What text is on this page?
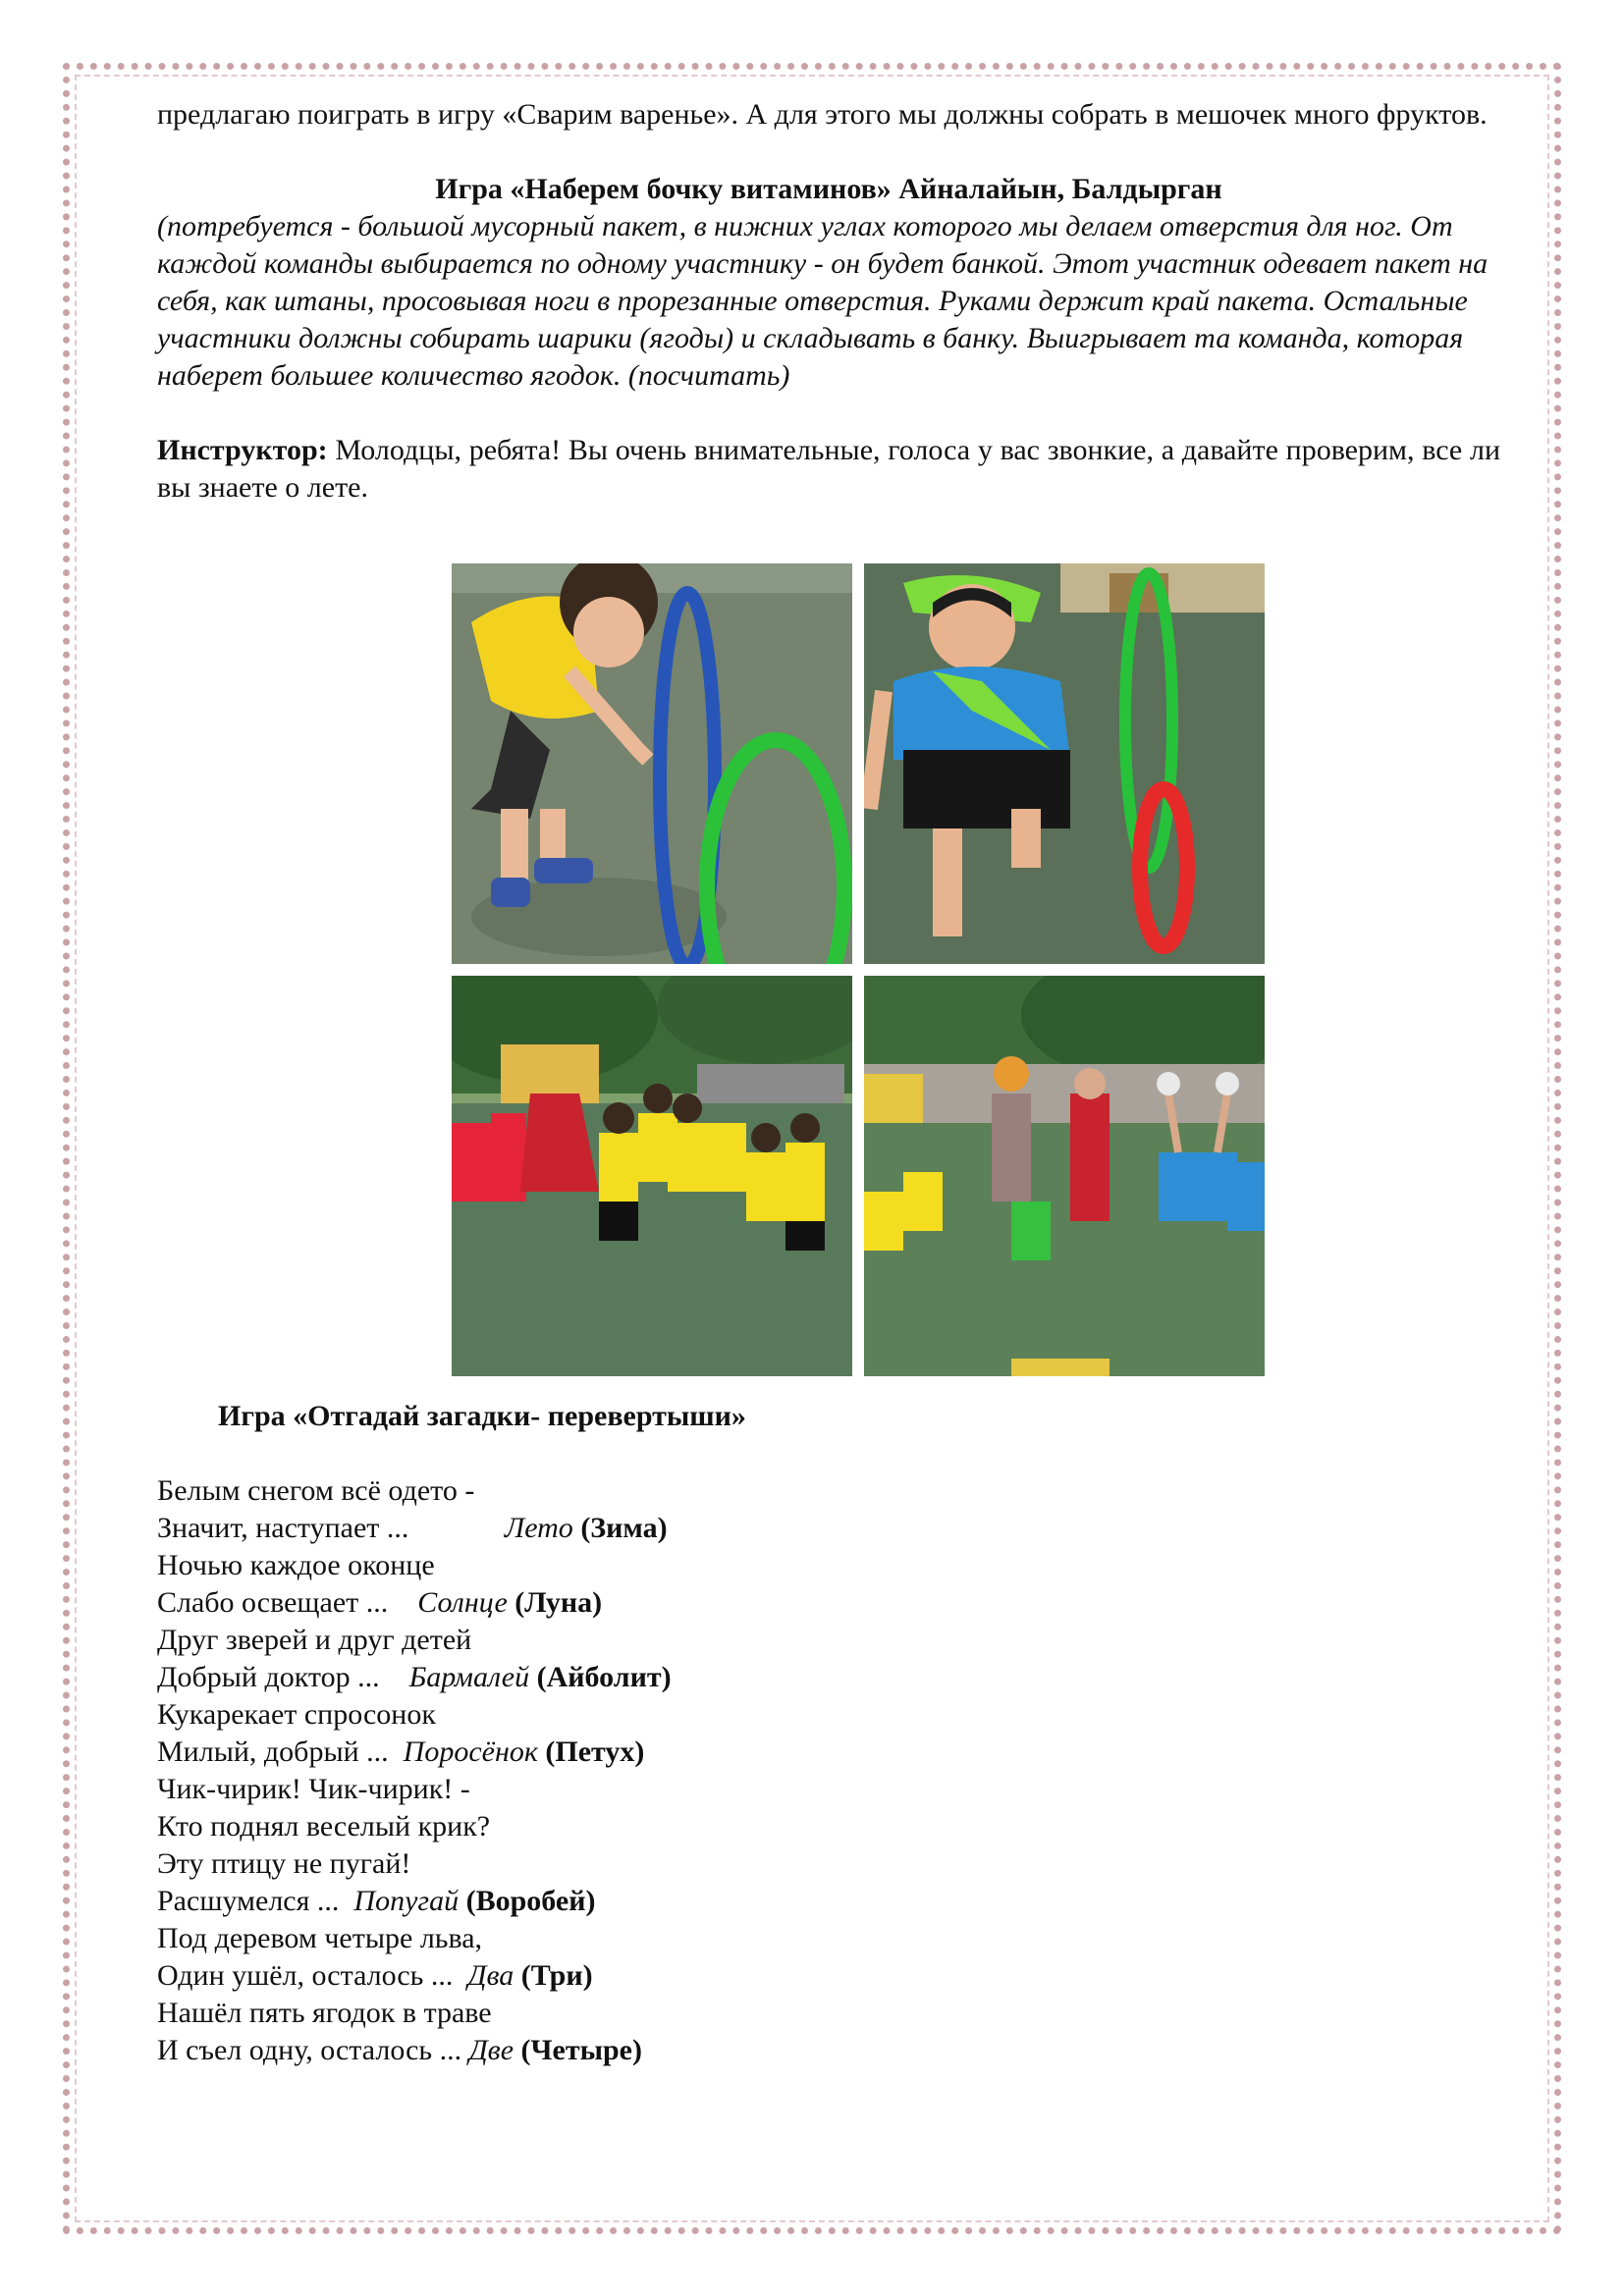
предлагаю поиграть в игру «Сварим варенье». А для этого мы должны собрать в мешочек много фруктов.

Игра «Наберем бочку витаминов» Айналайын, Балдырган

(потребуется - большой мусорный пакет, в нижних углах которого мы делаем отверстия для ног. От каждой команды выбирается по одному участнику - он будет банкой. Этот участник одевает пакет на себя, как штаны, просовывая ноги в прорезанные отверстия. Руками держит край пакета. Остальные участники должны собирать шарики (ягоды) и складывать в банку. Выигрывает та команда, которая наберет большее количество ягодок. (посчитать)

Инструктор: Молодцы, ребята! Вы очень внимательные, голоса у вас звонкие, а давайте проверим, все ли вы знаете о лете.

Игра «Отгадай загадки- перевертыши»

Белым снегом всё одето -

Значит, наступает ...             Лето (Зима)

Ночью каждое оконце

Слабо освещает ...    Солнце (Луна)

Друг зверей и друг детей

Добрый доктор ...    Бармалей (Айболит)

Кукарекает спросонок

Милый, добрый ...  Поросёнок (Петух)

Чик-чирик! Чик-чирик! -

Кто поднял веселый крик?

Эту птицу не пугай!

Расшумелся ...  Попугай (Воробей)

Под деревом четыре льва,

Один ушёл, осталось ...  Два (Три)

Нашёл пять ягодок в траве

И съел одну, осталось ... Две (Четыре)
